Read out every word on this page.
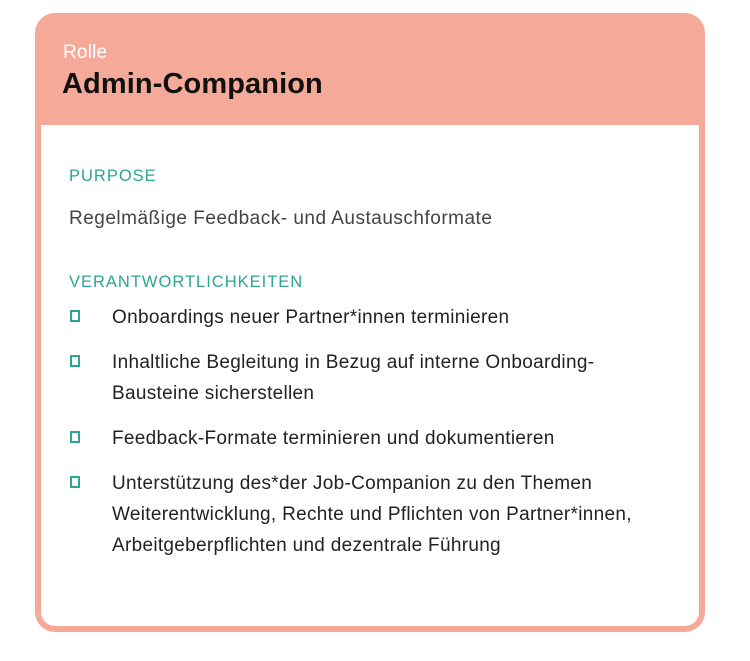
Rolle
Admin-Companion
PURPOSE
Regelmäßige Feedback- und Austauschformate
VERANTWORTLICHKEITEN
Onboardings neuer Partner*innen terminieren
Inhaltliche Begleitung in Bezug auf interne Onboarding-Bausteine sicherstellen
Feedback-Formate terminieren und dokumentieren
Unterstützung des*der Job-Companion zu den Themen Weiterentwicklung, Rechte und Pflichten von Partner*innen, Arbeitgeberpflichten und dezentrale Führung
